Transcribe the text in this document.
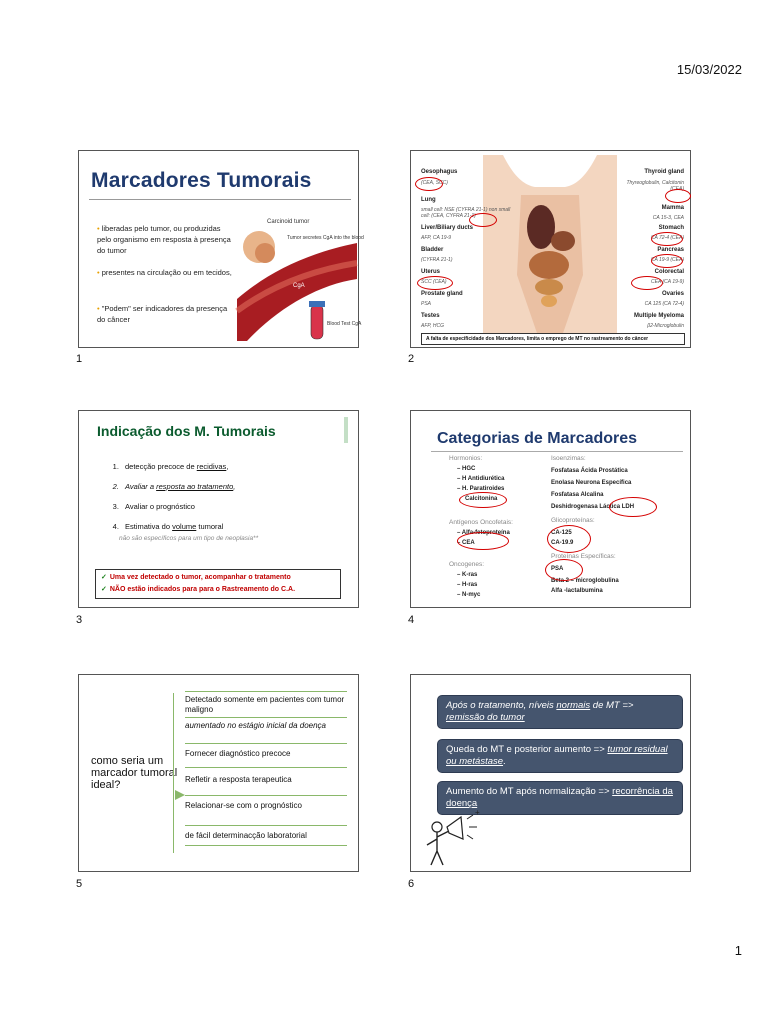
15/03/2022
Marcadores Tumorais
• liberadas pelo tumor, ou produzidas pelo organismo em resposta à presença do tumor
• presentes na circulação ou em tecidos,
• "Podem" ser indicadores da presença do câncer
Carcinoid tumor
Tumor secretes CgA into the blood
CgA
Blood Test CgA
1
Oesophagus
(CEA, SCC)
Lung
small cell: NSE (CYFRA 21-1) non small cell: (CEA, CYFRA 21-1)
Liver/Biliary ducts
AFP, CA 19-9
Bladder
(CYFRA 21-1)
Uterus
SCC (CEA)
Prostate gland
PSA
Testes
AFP, HCG
Thyroid gland
Thyreoglobulin, Calcitonin (CEA)
Mamma
CA 15-3, CEA
Stomach
CA 72-4 (CEA)
Pancreas
CA 19-9 (CEA)
Colorectal
CEA (CA 19-9)
Ovaries
CA 125 (CA 72-4)
Multiple Myeloma
β2-Microglobulin
A falta de especificidade dos Marcadores, limita o emprego de MT no rastreamento do câncer
2
Indicação dos M. Tumorais
1. detecção precoce de recidivas,
2. Avaliar a resposta ao tratamento,
3. Avaliar o prognóstico
4. Estimativa do volume tumoral
não são específicos para um tipo de neoplasia**
✓ Uma vez detectado o tumor, acompanhar o tratamento
✓ NÃO estão indicados para para o Rastreamento do C.A.
3
Categorias de Marcadores
Hormonios:
– HGC
– H Antidiurética
– H. Paratiroides
Calcitonina
Antígenos Oncofetais:
– Alfa-fetoproteína
– CEA
Oncogenes:
– K-ras
– H-ras
– N-myc
Isoenzimas:
Fosfatasa Ácida Prostática
Enolasa Neurona Específica
Fosfatasa Alcalina
Deshidrogenasa Láctica LDH
Glicoproteínas:
CA-125
CA-19.9
Proteínas Específicas:
PSA
Beta 2 – microglobulina
Alfa -lactalbumina
4
como seria um marcador tumoral ideal?
Detectado somente em pacientes com tumor maligno
aumentado no estágio inicial da doença
Fornecer diagnóstico precoce
Refletir a resposta terapeutica
Relacionar-se com o prognóstico
de fácil determinacção laboratorial
5
Após o tratamento, níveis normais de MT => remissão do tumor
Queda do MT e posterior aumento => tumor residual ou metástase.
Aumento do MT após normalização => recorrência da doença
+
6
1
